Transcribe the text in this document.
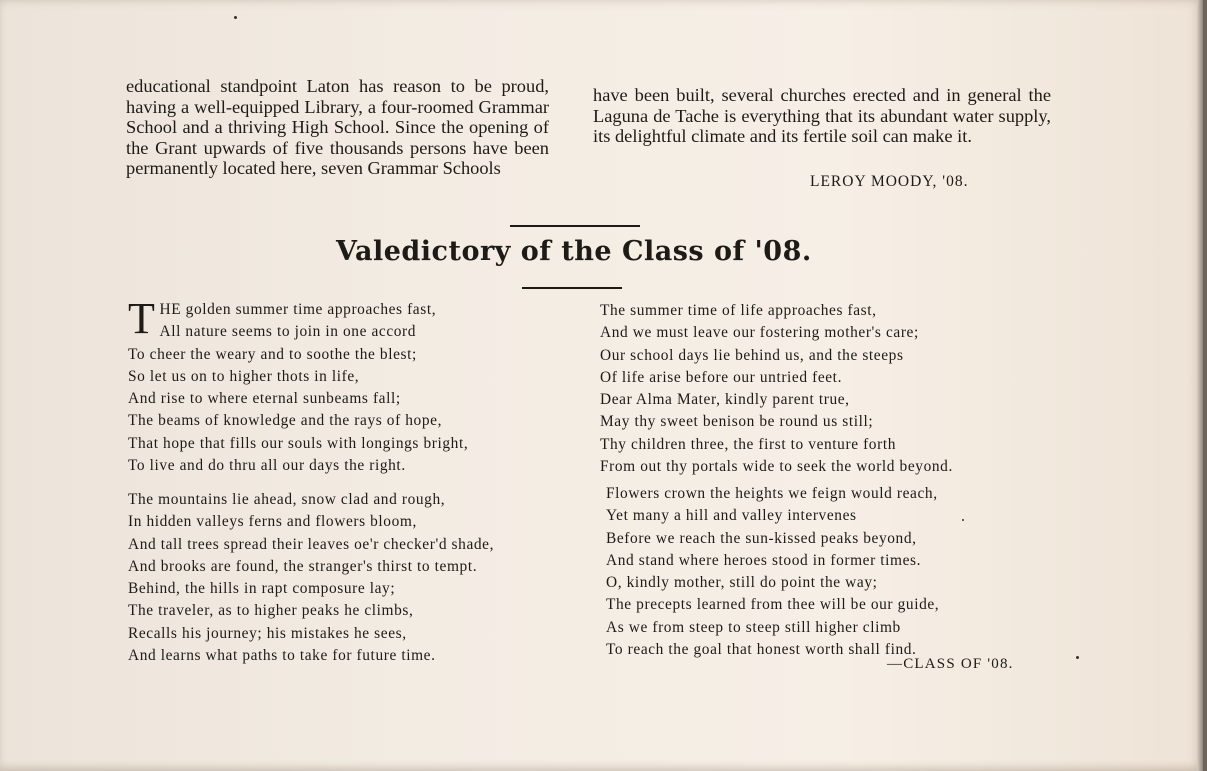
educational standpoint Laton has reason to be proud, having a well-equipped Library, a four-roomed Grammar School and a thriving High School. Since the opening of the Grant upwards of five thousands persons have been permanently located here, seven Grammar Schools

have been built, several churches erected and in general the Laguna de Tache is everything that its abundant water supply, its delightful climate and its fertile soil can make it.

LEROY MOODY, '08.
Valedictory of the Class of '08.
T HE golden summer time approaches fast,
All nature seems to join in one accord
To cheer the weary and to soothe the blest;
So let us on to higher thots in life,
And rise to where eternal sunbeams fall;
The beams of knowledge and the rays of hope,
That hope that fills our souls with longings bright,
To live and do thru all our days the right.
The mountains lie ahead, snow clad and rough,
In hidden valleys ferns and flowers bloom,
And tall trees spread their leaves oe'r checker'd shade,
And brooks are found, the stranger's thirst to tempt.
Behind, the hills in rapt composure lay;
The traveler, as to higher peaks he climbs,
Recalls his journey; his mistakes he sees,
And learns what paths to take for future time.
The summer time of life approaches fast,
And we must leave our fostering mother's care;
Our school days lie behind us, and the steeps
Of life arise before our untried feet.
Dear Alma Mater, kindly parent true,
May thy sweet benison be round us still;
Thy children three, the first to venture forth
From out thy portals wide to seek the world beyond.
Flowers crown the heights we feign would reach,
Yet many a hill and valley intervenes
Before we reach the sun-kissed peaks beyond,
And stand where heroes stood in former times.
O, kindly mother, still do point the way;
The precepts learned from thee will be our guide,
As we from steep to steep still higher climb
To reach the goal that honest worth shall find.
—CLASS OF '08.
